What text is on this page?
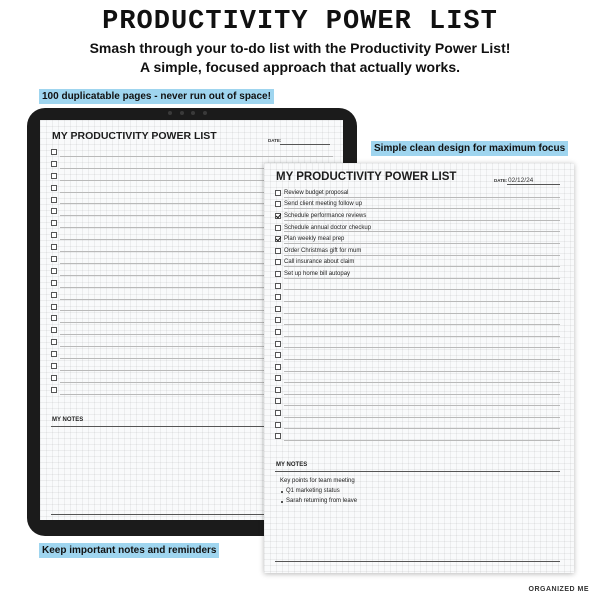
PRODUCTIVITY POWER LIST
Smash through your to-do list with the Productivity Power List!
A simple, focused approach that actually works.
100 duplicatable pages - never run out of space!
MY PRODUCTIVITY POWER LIST	DATE:
MY NOTES
Simple clean design for maximum focus
MY PRODUCTIVITY POWER LIST	DATE: 02/12/24
Review budget proposal
Send client meeting follow up
Schedule performance reviews
Schedule annual doctor checkup
Plan weekly meal prep
Order Christmas gift for mum
Call insurance about claim
Set up home bill autopay
MY NOTES
Key points for team meeting
Q1 marketing status
Sarah returning from leave
Keep important notes and reminders
ORGANIZED ME
